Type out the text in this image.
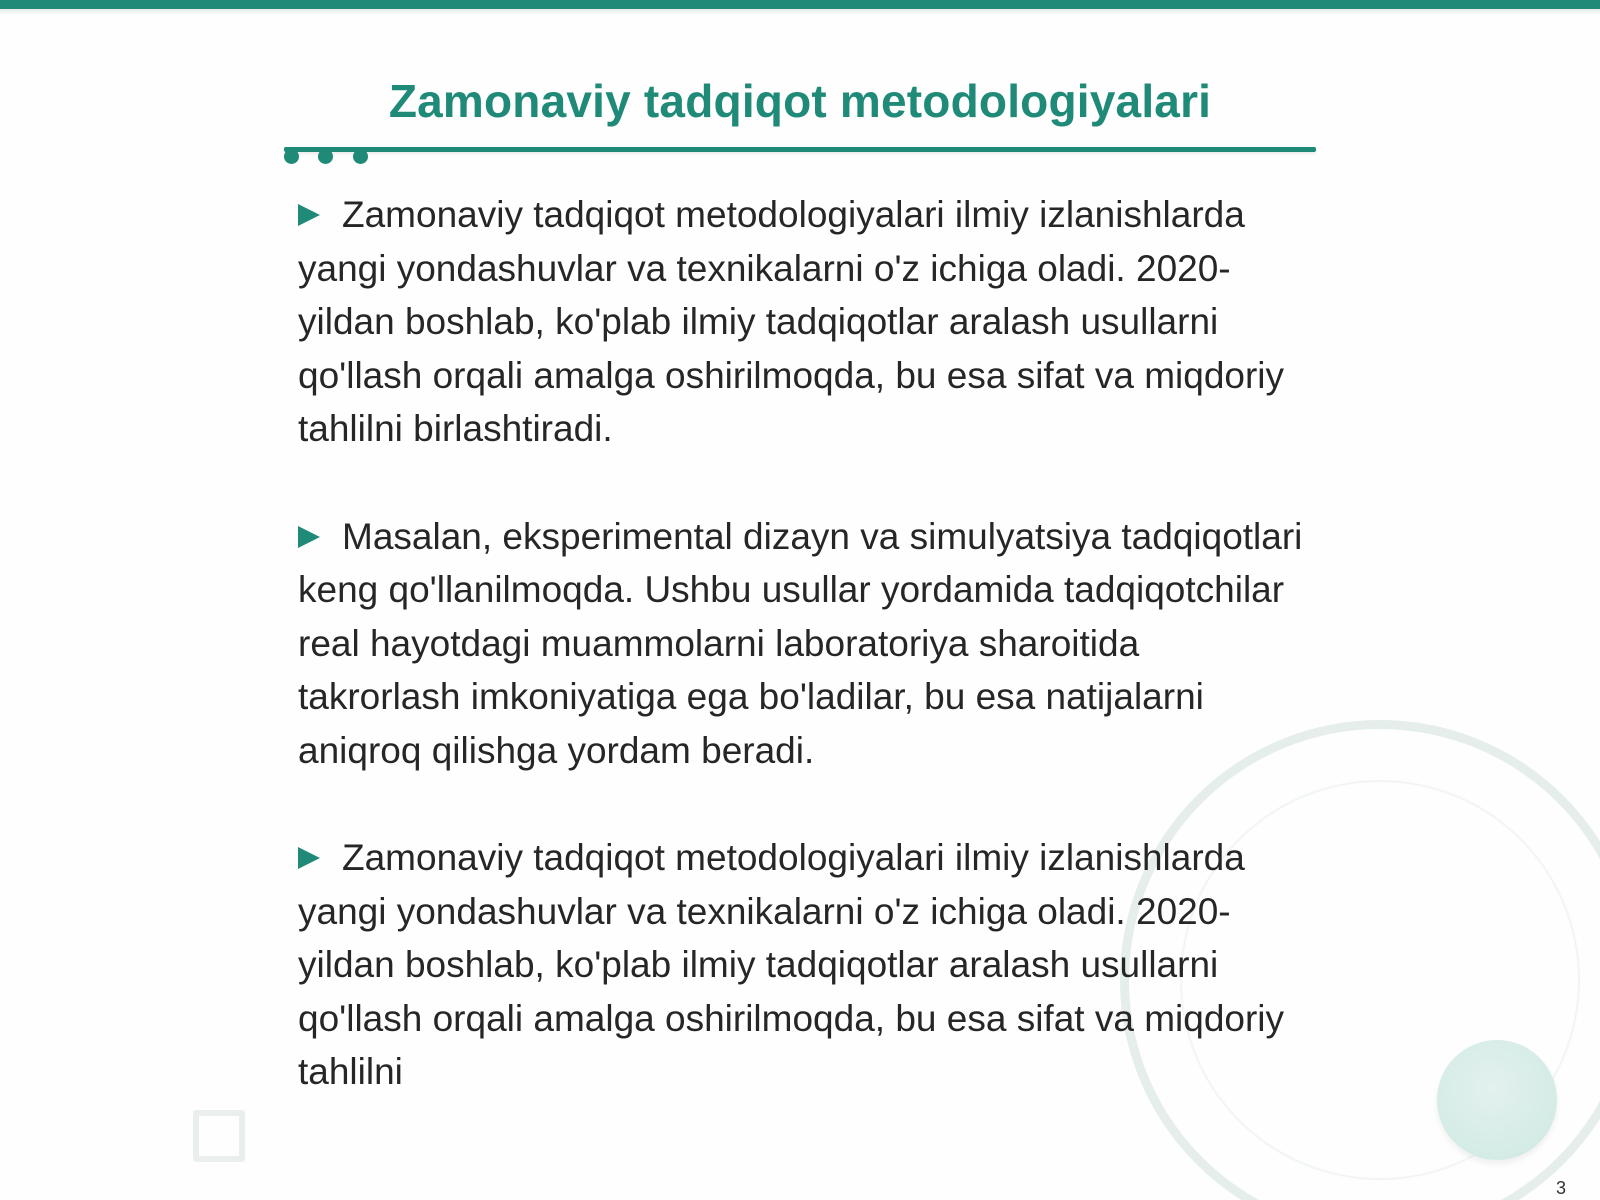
Zamonaviy tadqiqot metodologiyalari

Zamonaviy tadqiqot metodologiyalari ilmiy izlanishlarda yangi yondashuvlar va texnikalarni o'z ichiga oladi. 2020-yildan boshlab, ko'plab ilmiy tadqiqotlar aralash usullarni qo'llash orqali amalga oshirilmoqda, bu esa sifat va miqdoriy tahlilni birlashtiradi.

Masalan, eksperimental dizayn va simulyatsiya tadqiqotlari keng qo'llanilmoqda. Ushbu usullar yordamida tadqiqotchilar real hayotdagi muammolarni laboratoriya sharoitida takrorlash imkoniyatiga ega bo'ladilar, bu esa natijalarni aniqroq qilishga yordam beradi.

Zamonaviy tadqiqot metodologiyalari ilmiy izlanishlarda yangi yondashuvlar va texnikalarni o'z ichiga oladi. 2020-yildan boshlab, ko'plab ilmiy tadqiqotlar aralash usullarni qo'llash orqali amalga oshirilmoqda, bu esa sifat va miqdoriy tahlilni

3
